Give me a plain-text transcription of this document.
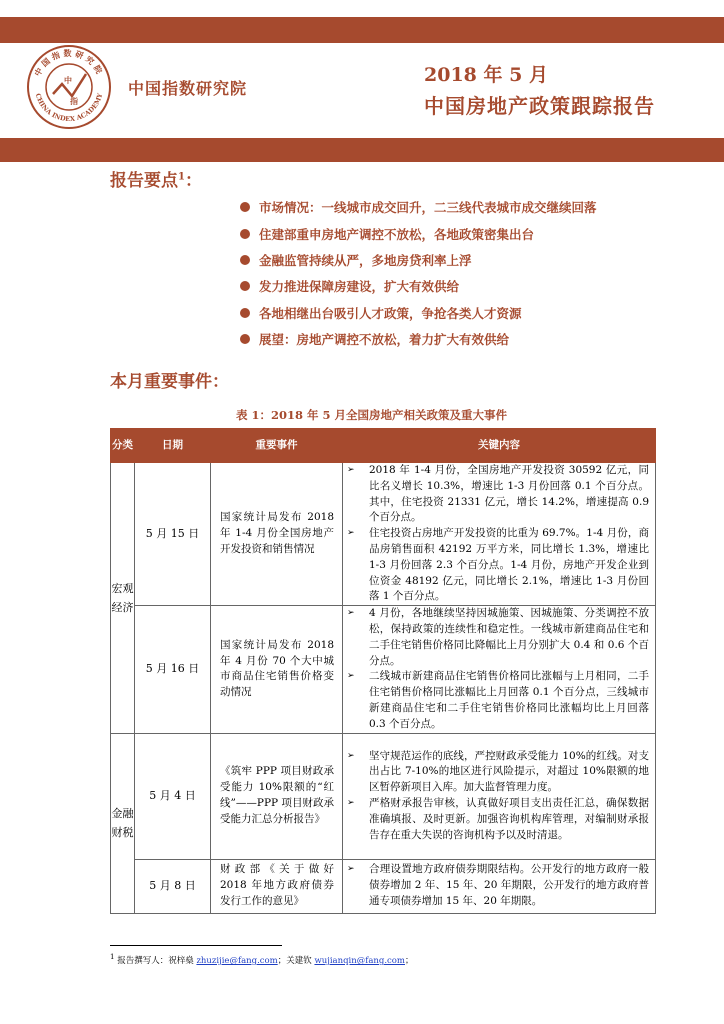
中国指数研究院
CHINA INDEX ACADEMY
中
指
中国指数研究院
2018 年 5 月
中国房地产政策跟踪报告
报告要点$^1$：
市场情况：一线城市成交回升，二三线代表城市成交继续回落
住建部重申房地产调控不放松，各地政策密集出台
金融监管持续从严，多地房贷利率上浮
发力推进保障房建设，扩大有效供给
各地相继出台吸引人才政策，争抢各类人才资源
展望：房地产调控不放松，着力扩大有效供给
本月重要事件：
表 1：2018 年 5 月全国房地产相关政策及重大事件
分类	日期	重要事件	关键内容
宏观经济	5 月 15 日	国家统计局发布 2018 年 1-4 月份全国房地产开发投资和销售情况	➢ 2018 年 1-4 月份，全国房地产开发投资 30592 亿元，同比名义增长 10.3%，增速比 1-3 月份回落 0.1 个百分点。其中，住宅投资 21331 亿元，增长 14.2%，增速提高 0.9 个百分点。
➢ 住宅投资占房地产开发投资的比重为 69.7%。1-4 月份，商品房销售面积 42192 万平方米，同比增长 1.3%，增速比 1-3 月份回落 2.3 个百分点。1-4 月份，房地产开发企业到位资金 48192 亿元，同比增长 2.1%，增速比 1-3 月份回落 1 个百分点。

	5 月 16 日	国家统计局发布 2018 年 4 月份 70 个大中城市商品住宅销售价格变动情况	➢ 4 月份，各地继续坚持因城施策、因城施策、分类调控不放松，保持政策的连续性和稳定性。一线城市新建商品住宅和二手住宅销售价格同比降幅比上月分别扩大 0.4 和 0.6 个百分点。
➢ 二线城市新建商品住宅销售价格同比涨幅与上月相同，二手住宅销售价格同比涨幅比上月回落 0.1 个百分点，三线城市新建商品住宅和二手住宅销售价格同比涨幅均比上月回落 0.3 个百分点。

金融财税	5 月 4 日	《筑牢 PPP 项目财政承受能力 10%限额的“红线”——PPP 项目财政承受能力汇总分析报告》	➢ 坚守规范运作的底线，严控财政承受能力 10%的红线。对支出占比 7-10%的地区进行风险提示，对超过 10%限额的地区暂停新项目入库。加大监督管理力度。
➢ 严格财承报告审核，认真做好项目支出责任汇总，确保数据准确填报、及时更新。加强咨询机构库管理，对编制财承报告存在重大失误的咨询机构予以及时清退。

	5 月 8 日	财政部《关于做好 2018 年地方政府债券发行工作的意见》	➢ 合理设置地方政府债券期限结构。公开发行的地方政府一般债券增加 2 年、15 年、20 年期限，公开发行的地方政府普通专项债券增加 15 年、20 年期限。
$^1$ 报告撰写人：祝梓燊 zhuzijie@fang.com；关建钦 wujianqin@fang.com；
